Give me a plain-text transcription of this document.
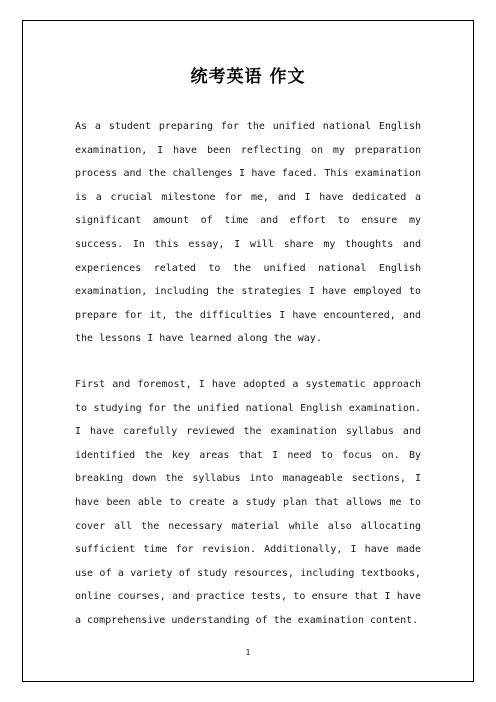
统考英语 作文

As a student preparing for the unified national English examination, I have been reflecting on my preparation process and the challenges I have faced. This examination is a crucial milestone for me, and I have dedicated a significant amount of time and effort to ensure my success. In this essay, I will share my thoughts and experiences related to the unified national English examination, including the strategies I have employed to prepare for it, the difficulties I have encountered, and the lessons I have learned along the way.

First and foremost, I have adopted a systematic approach to studying for the unified national English examination. I have carefully reviewed the examination syllabus and identified the key areas that I need to focus on. By breaking down the syllabus into manageable sections, I have been able to create a study plan that allows me to cover all the necessary material while also allocating sufficient time for revision. Additionally, I have made use of a variety of study resources, including textbooks, online courses, and practice tests, to ensure that I have a comprehensive understanding of the examination content.

1
